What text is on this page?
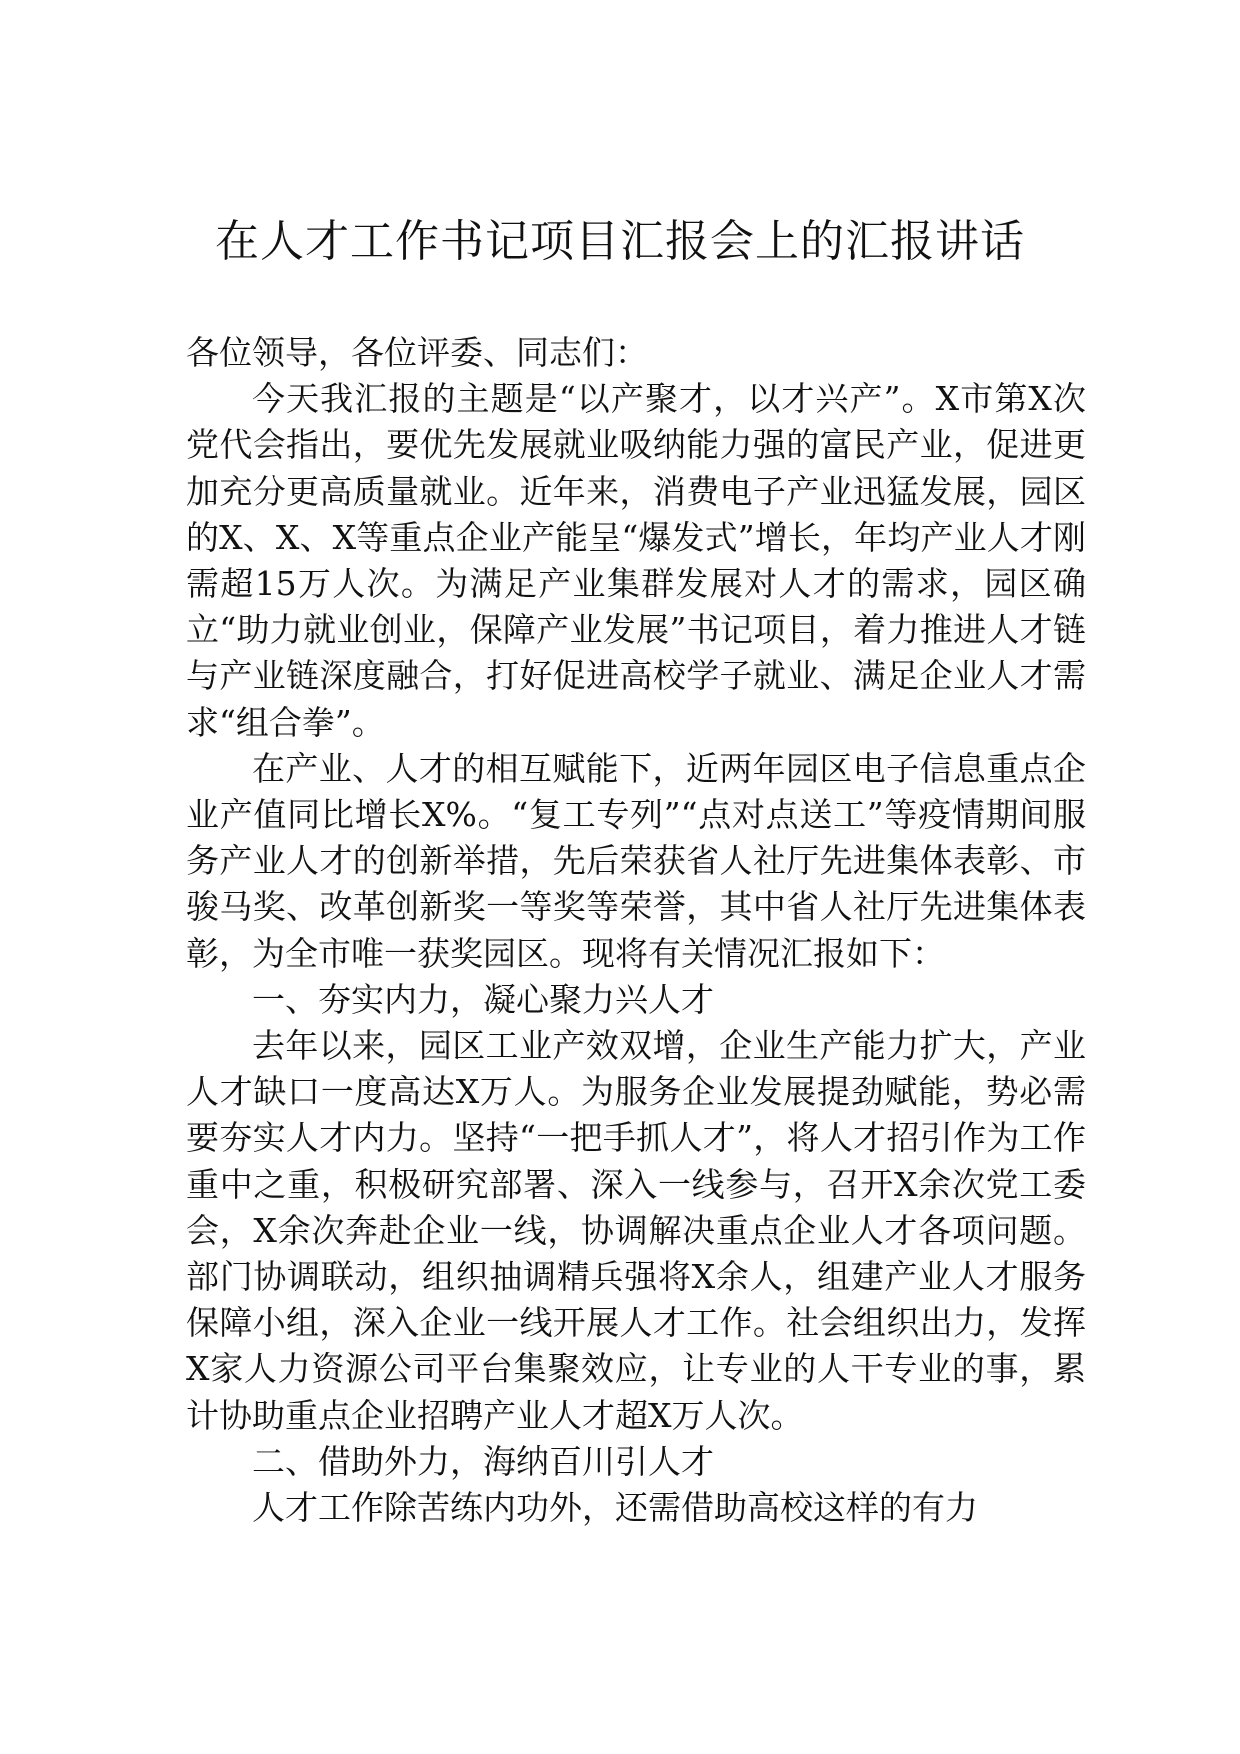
在人才工作书记项目汇报会上的汇报讲话

各位领导，各位评委、同志们：

今天我汇报的主题是“以产聚才，以才兴产”。X市第X次党代会指出，要优先发展就业吸纳能力强的富民产业，促进更加充分更高质量就业。近年来，消费电子产业迅猛发展，园区的X、X、X等重点企业产能呈“爆发式”增长，年均产业人才刚需超15万人次。为满足产业集群发展对人才的需求，园区确立“助力就业创业，保障产业发展”书记项目，着力推进人才链与产业链深度融合，打好促进高校学子就业、满足企业人才需求“组合拳”。

在产业、人才的相互赋能下，近两年园区电子信息重点企业产值同比增长X%。“复工专列”“点对点送工”等疫情期间服务产业人才的创新举措，先后荣获省人社厅先进集体表彰、市骏马奖、改革创新奖一等奖等荣誉，其中省人社厅先进集体表彰，为全市唯一获奖园区。现将有关情况汇报如下：

一、夯实内力，凝心聚力兴人才

去年以来，园区工业产效双增，企业生产能力扩大，产业人才缺口一度高达X万人。为服务企业发展提劲赋能，势必需要夯实人才内力。坚持“一把手抓人才”，将人才招引作为工作重中之重，积极研究部署、深入一线参与，召开X余次党工委会，X余次奔赴企业一线，协调解决重点企业人才各项问题。部门协调联动，组织抽调精兵强将X余人，组建产业人才服务保障小组，深入企业一线开展人才工作。社会组织出力，发挥X家人力资源公司平台集聚效应，让专业的人干专业的事，累计协助重点企业招聘产业人才超X万人次。

二、借助外力，海纳百川引人才

人才工作除苦练内功外，还需借助高校这样的有力
